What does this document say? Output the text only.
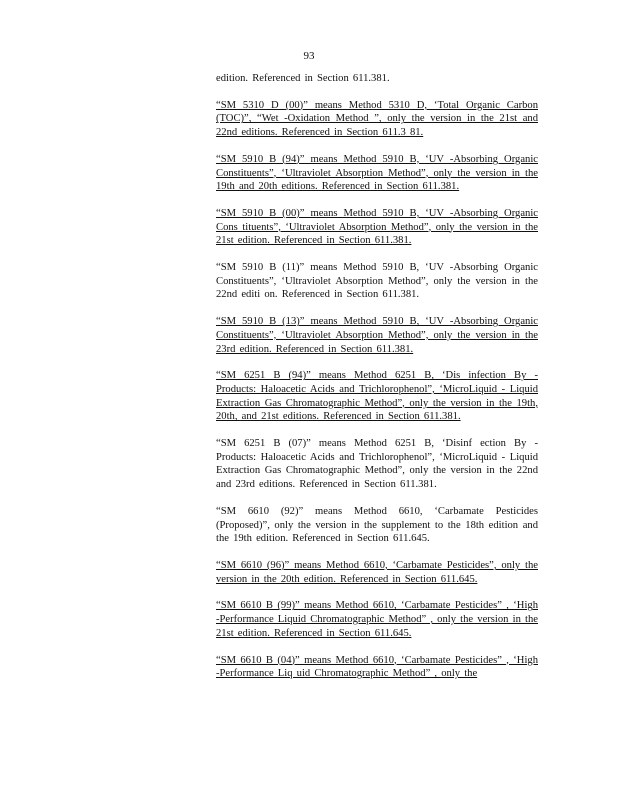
93

edition. Referenced in Section 611.381.

“SM 5310 D (00)” means Method 5310 D, ‘Total Organic Carbon (TOC)”, “Wet -Oxidation Method ”, only the version in the 21st and 22nd editions. Referenced in Section 611.3 81.

“SM 5910 B (94)” means Method 5910 B, ‘UV -Absorbing Organic Constituents”, ‘Ultraviolet Absorption Method”, only the version in the 19th and 20th editions. Referenced in Section 611.381.

“SM 5910 B (00)” means Method 5910 B, ‘UV -Absorbing Organic Cons tituents”, ‘Ultraviolet Absorption Method”, only the version in the 21st edition. Referenced in Section 611.381.

“SM 5910 B (11)” means Method 5910 B, ‘UV -Absorbing Organic Constituents”, ‘Ultraviolet Absorption Method”, only the version in the 22nd editi on. Referenced in Section 611.381.

“SM 5910 B (13)” means Method 5910 B, ‘UV -Absorbing Organic Constituents”, ‘Ultraviolet Absorption Method”, only the version in the 23rd edition. Referenced in Section 611.381.

“SM 6251 B (94)” means Method 6251 B, ‘Dis infection By - Products: Haloacetic Acids and Trichlorophenol”, ‘MicroLiquid - Liquid Extraction Gas Chromatographic Method”, only the version in the 19th, 20th, and 21st editions. Referenced in Section 611.381.

“SM 6251 B (07)” means Method 6251 B, ‘Disinf ection By - Products: Haloacetic Acids and Trichlorophenol”, ‘MicroLiquid - Liquid Extraction Gas Chromatographic Method”, only the version in the 22nd and 23rd editions. Referenced in Section 611.381.

“SM 6610 (92)” means Method 6610, ‘Carbamate Pesticides (Proposed)”, only the version in the supplement to the 18th edition and the 19th edition. Referenced in Section 611.645.

“SM 6610 (96)” means Method 6610, ‘Carbamate Pesticides”, only the version in the 20th edition. Referenced in Section 611.645.

“SM 6610 B (99)” means Method 6610, ‘Carbamate Pesticides” , ‘High -Performance Liquid Chromatographic Method” , only the version in the 21st edition. Referenced in Section 611.645.

“SM 6610 B (04)” means Method 6610, ‘Carbamate Pesticides” , ‘High -Performance Liq uid Chromatographic Method” , only the
